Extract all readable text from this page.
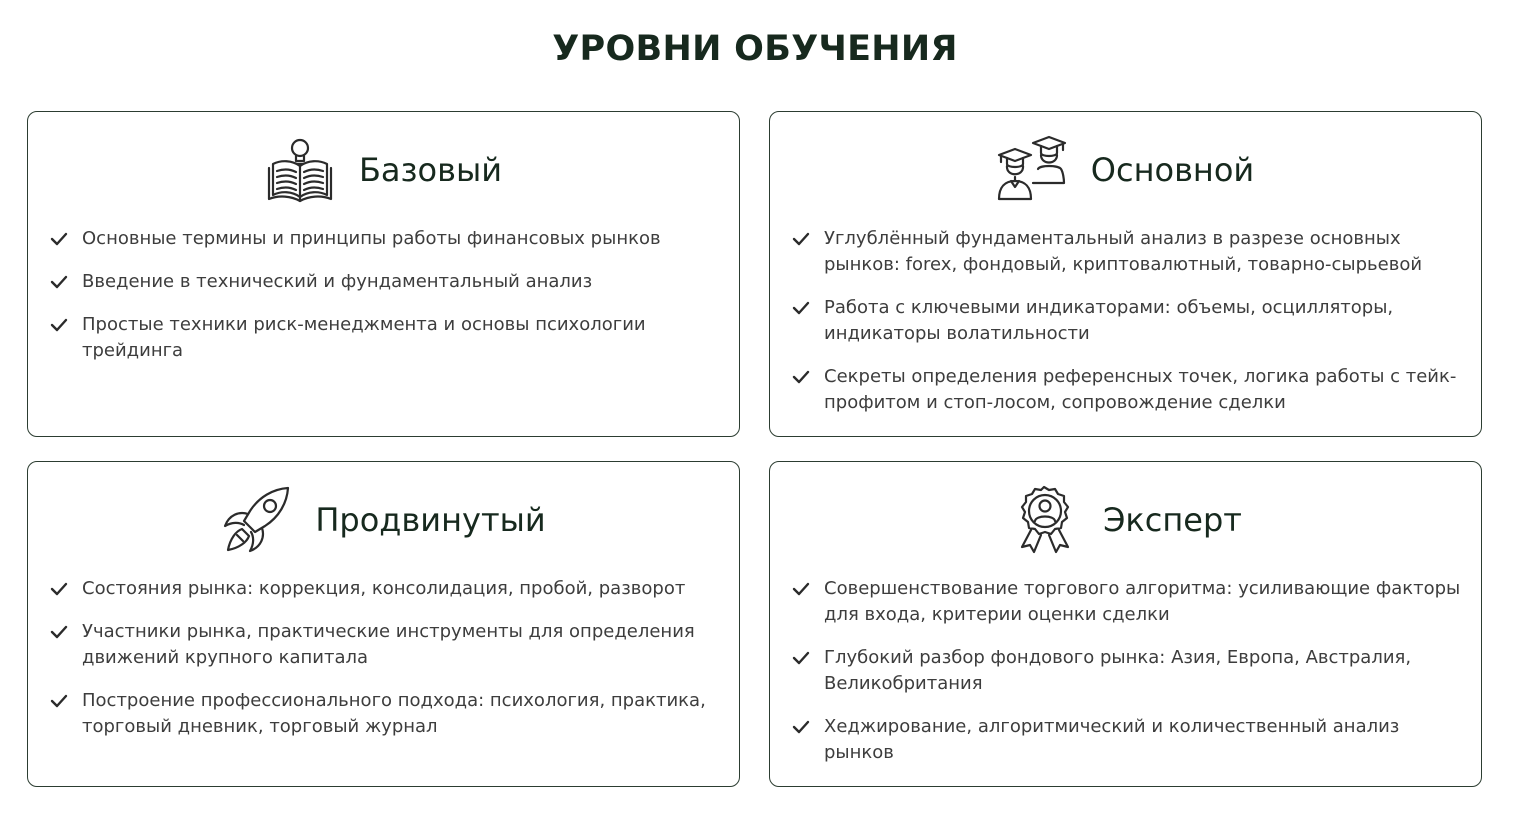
УРОВНИ ОБУЧЕНИЯ
Базовый
Основные термины и принципы работы финансовых рынков
Введение в технический и фундаментальный анализ
Простые техники риск-менеджмента и основы психологии трейдинга
Основной
Углублённый фундаментальный анализ в разрезе основных рынков: forex, фондовый, криптовалютный, товарно-сырьевой
Работа с ключевыми индикаторами: объемы, осцилляторы, индикаторы волатильности
Секреты определения референсных точек, логика работы с тейк-профитом и стоп-лосом, сопровождение сделки
Продвинутый
Состояния рынка: коррекция, консолидация, пробой, разворот
Участники рынка, практические инструменты для определения движений крупного капитала
Построение профессионального подхода: психология, практика, торговый дневник, торговый журнал
Эксперт
Совершенствование торгового алгоритма: усиливающие факторы для входа, критерии оценки сделки
Глубокий разбор фондового рынка: Азия, Европа, Австралия, Великобритания
Хеджирование, алгоритмический и количественный анализ рынков
